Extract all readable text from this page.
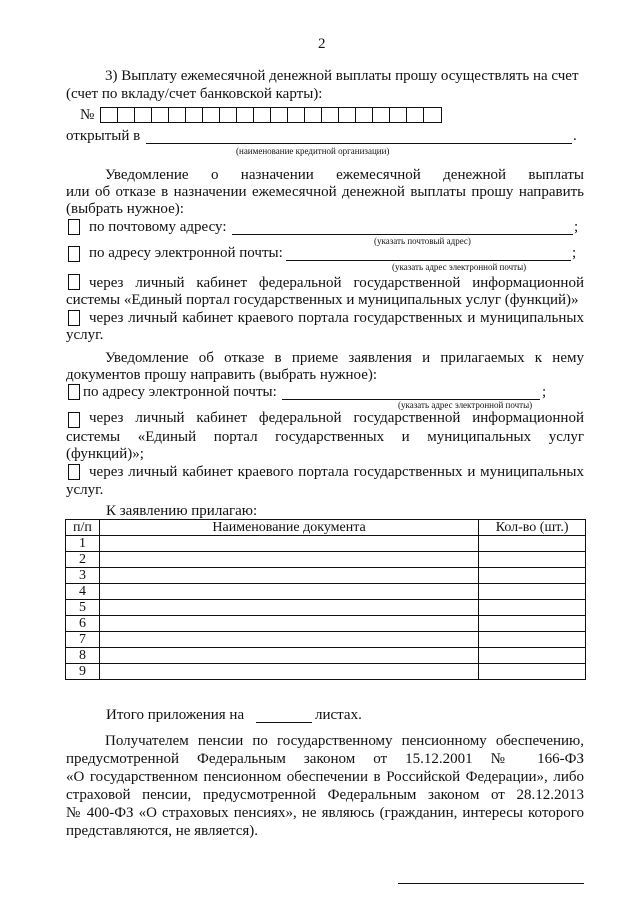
2
3) Выплату ежемесячной денежной выплаты прошу осуществлять на счет
(счет по вкладу/счет банковской карты):
№
открытый в	.
(наименование кредитной организации)
Уведомление о назначении ежемесячной денежной выплаты
или об отказе в назначении ежемесячной денежной выплаты прошу направить
(выбрать нужное):
по почтовому адресу:	;
(указать почтовый адрес)
по адресу электронной почты:	;
(указать адрес электронной почты)
через личный кабинет федеральной государственной информационной
системы «Единый портал государственных и муниципальных услуг (функций)»
через личный кабинет краевого портала государственных и муниципальных
услуг.
Уведомление об отказе в приеме заявления и прилагаемых к нему
документов прошу направить (выбрать нужное):
по адресу электронной почты:	;
(указать адрес электронной почты)
через личный кабинет федеральной государственной информационной
системы «Единый портал государственных и муниципальных услуг
(функций)»;
через личный кабинет краевого портала государственных и муниципальных
услуг.
К заявлению прилагаю:
п/п	Наименование документа	Кол-во (шт.)
1		
2		
3		
4		
5		
6		
7		
8		
9		
Итого приложения на	листах.
Получателем пенсии по государственному пенсионному обеспечению,
предусмотренной Федеральным законом от 15.12.2001 № 166-ФЗ
«О государственном пенсионном обеспечении в Российской Федерации», либо
страховой пенсии, предусмотренной Федеральным законом от 28.12.2013
№ 400-ФЗ «О страховых пенсиях», не являюсь (гражданин, интересы которого
представляются, не является).
